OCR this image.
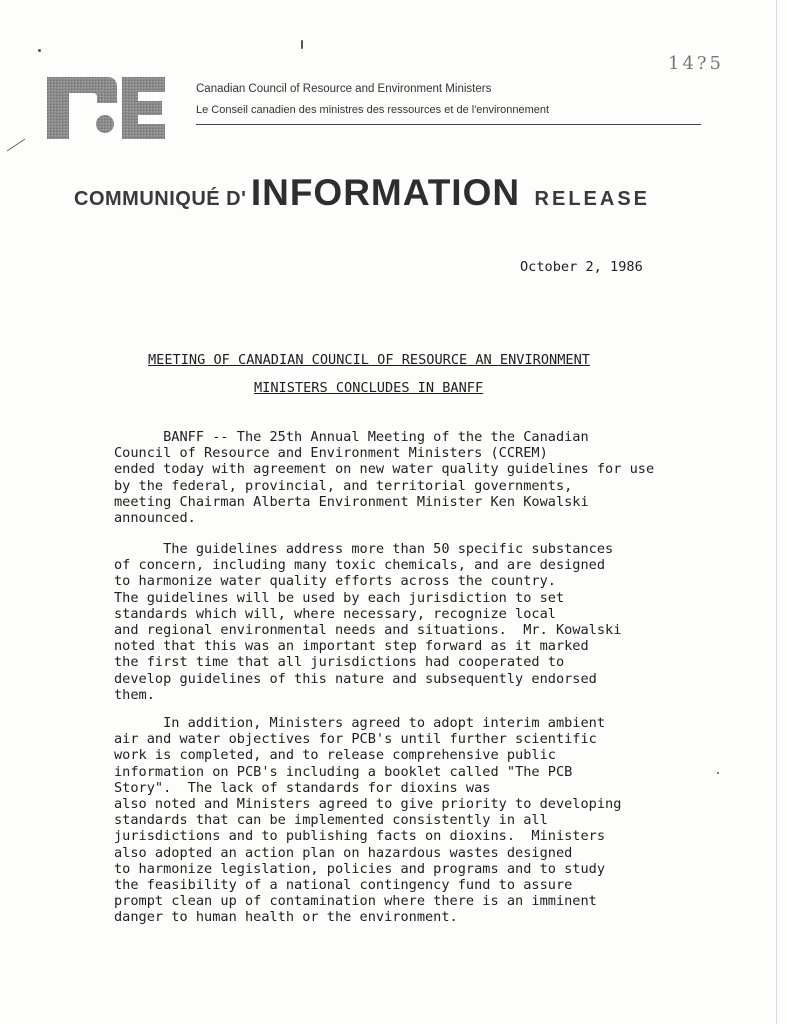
14?5
Canadian Council of Resource and Environment Ministers
Le Conseil canadien des ministres des ressources et de l'environnement
COMMUNIQUÉ D' INFORMATION RELEASE
October 2, 1986
MEETING OF CANADIAN COUNCIL OF RESOURCE AN ENVIRONMENT
MINISTERS CONCLUDES IN BANFF
BANFF -- The 25th Annual Meeting of the the Canadian
Council of Resource and Environment Ministers (CCREM)
ended today with agreement on new water quality guidelines for use
by the federal, provincial, and territorial governments,
meeting Chairman Alberta Environment Minister Ken Kowalski
announced.
The guidelines address more than 50 specific substances
of concern, including many toxic chemicals, and are designed
to harmonize water quality efforts across the country.
The guidelines will be used by each jurisdiction to set
standards which will, where necessary, recognize local
and regional environmental needs and situations.  Mr. Kowalski
noted that this was an important step forward as it marked
the first time that all jurisdictions had cooperated to
develop guidelines of this nature and subsequently endorsed
them.
In addition, Ministers agreed to adopt interim ambient
air and water objectives for PCB's until further scientific
work is completed, and to release comprehensive public
information on PCB's including a booklet called "The PCB
Story".  The lack of standards for dioxins was
also noted and Ministers agreed to give priority to developing
standards that can be implemented consistently in all
jurisdictions and to publishing facts on dioxins.  Ministers
also adopted an action plan on hazardous wastes designed
to harmonize legislation, policies and programs and to study
the feasibility of a national contingency fund to assure
prompt clean up of contamination where there is an imminent
danger to human health or the environment.
